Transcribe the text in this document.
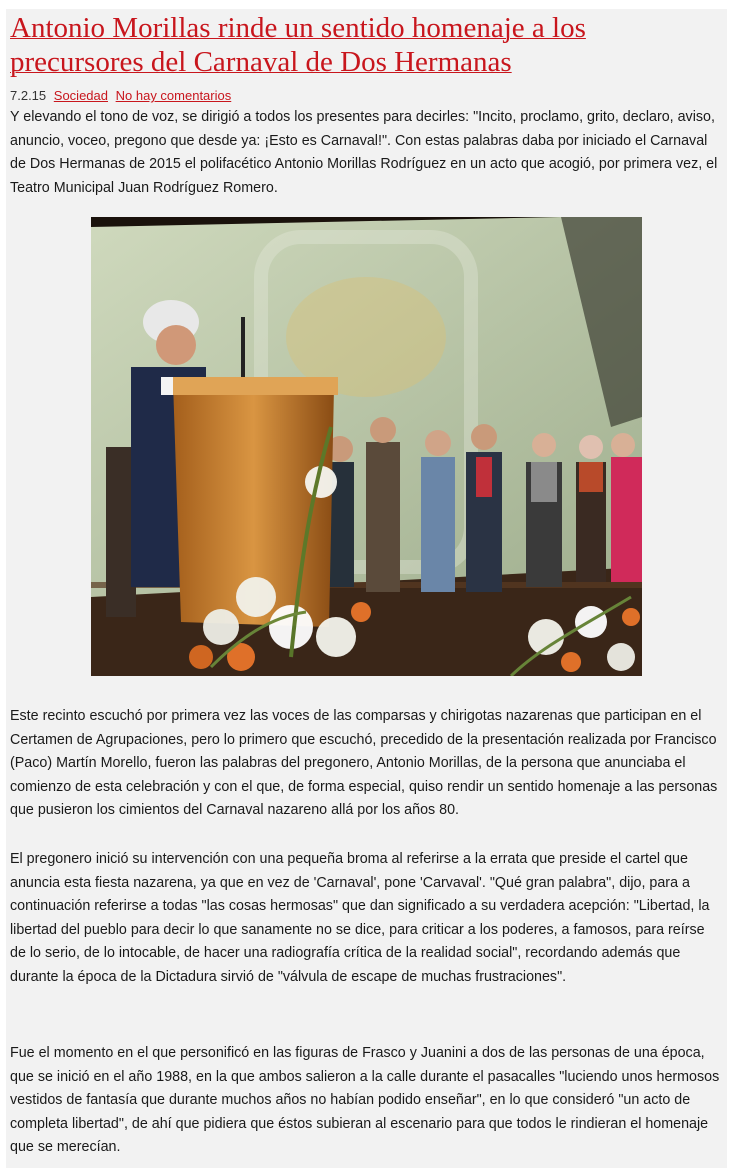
Antonio Morillas rinde un sentido homenaje a los precursores del Carnaval de Dos Hermanas
7.2.15 Sociedad No hay comentarios

Y elevando el tono de voz, se dirigió a todos los presentes para decirles: "Incito, proclamo, grito, declaro, aviso, anuncio, voceo, pregono que desde ya: ¡Esto es Carnaval!". Con estas palabras daba por iniciado el Carnaval de Dos Hermanas de 2015 el polifacético Antonio Morillas Rodríguez en un acto que acogió, por primera vez, el Teatro Municipal Juan Rodríguez Romero.

Este recinto escuchó por primera vez las voces de las comparsas y chirigotas nazarenas que participan en el Certamen de Agrupaciones, pero lo primero que escuchó, precedido de la presentación realizada por Francisco (Paco) Martín Morello, fueron las palabras del pregonero, Antonio Morillas, de la persona que anunciaba el comienzo de esta celebración y con el que, de forma especial, quiso rendir un sentido homenaje a las personas que pusieron los cimientos del Carnaval nazareno allá por los años 80.

El pregonero inició su intervención con una pequeña broma al referirse a la errata que preside el cartel que anuncia esta fiesta nazarena, ya que en vez de 'Carnaval', pone 'Carvaval'. "Qué gran palabra", dijo, para a continuación referirse a todas "las cosas hermosas" que dan significado a su verdadera acepción: "Libertad, la libertad del pueblo para decir lo que sanamente no se dice, para criticar a los poderes, a famosos, para reírse de lo serio, de lo intocable, de hacer una radiografía crítica de la realidad social", recordando además que durante la época de la Dictadura sirvió de "válvula de escape de muchas frustraciones".

Fue el momento en el que personificó en las figuras de Frasco y Juanini a dos de las personas de una época, que se inició en el año 1988, en la que ambos salieron a la calle durante el pasacalles "luciendo unos hermosos vestidos de fantasía que durante muchos años no habían podido enseñar", en lo que consideró "un acto de completa libertad", de ahí que pidiera que éstos subieran al escenario para que todos le rindieran el homenaje que se merecían.
